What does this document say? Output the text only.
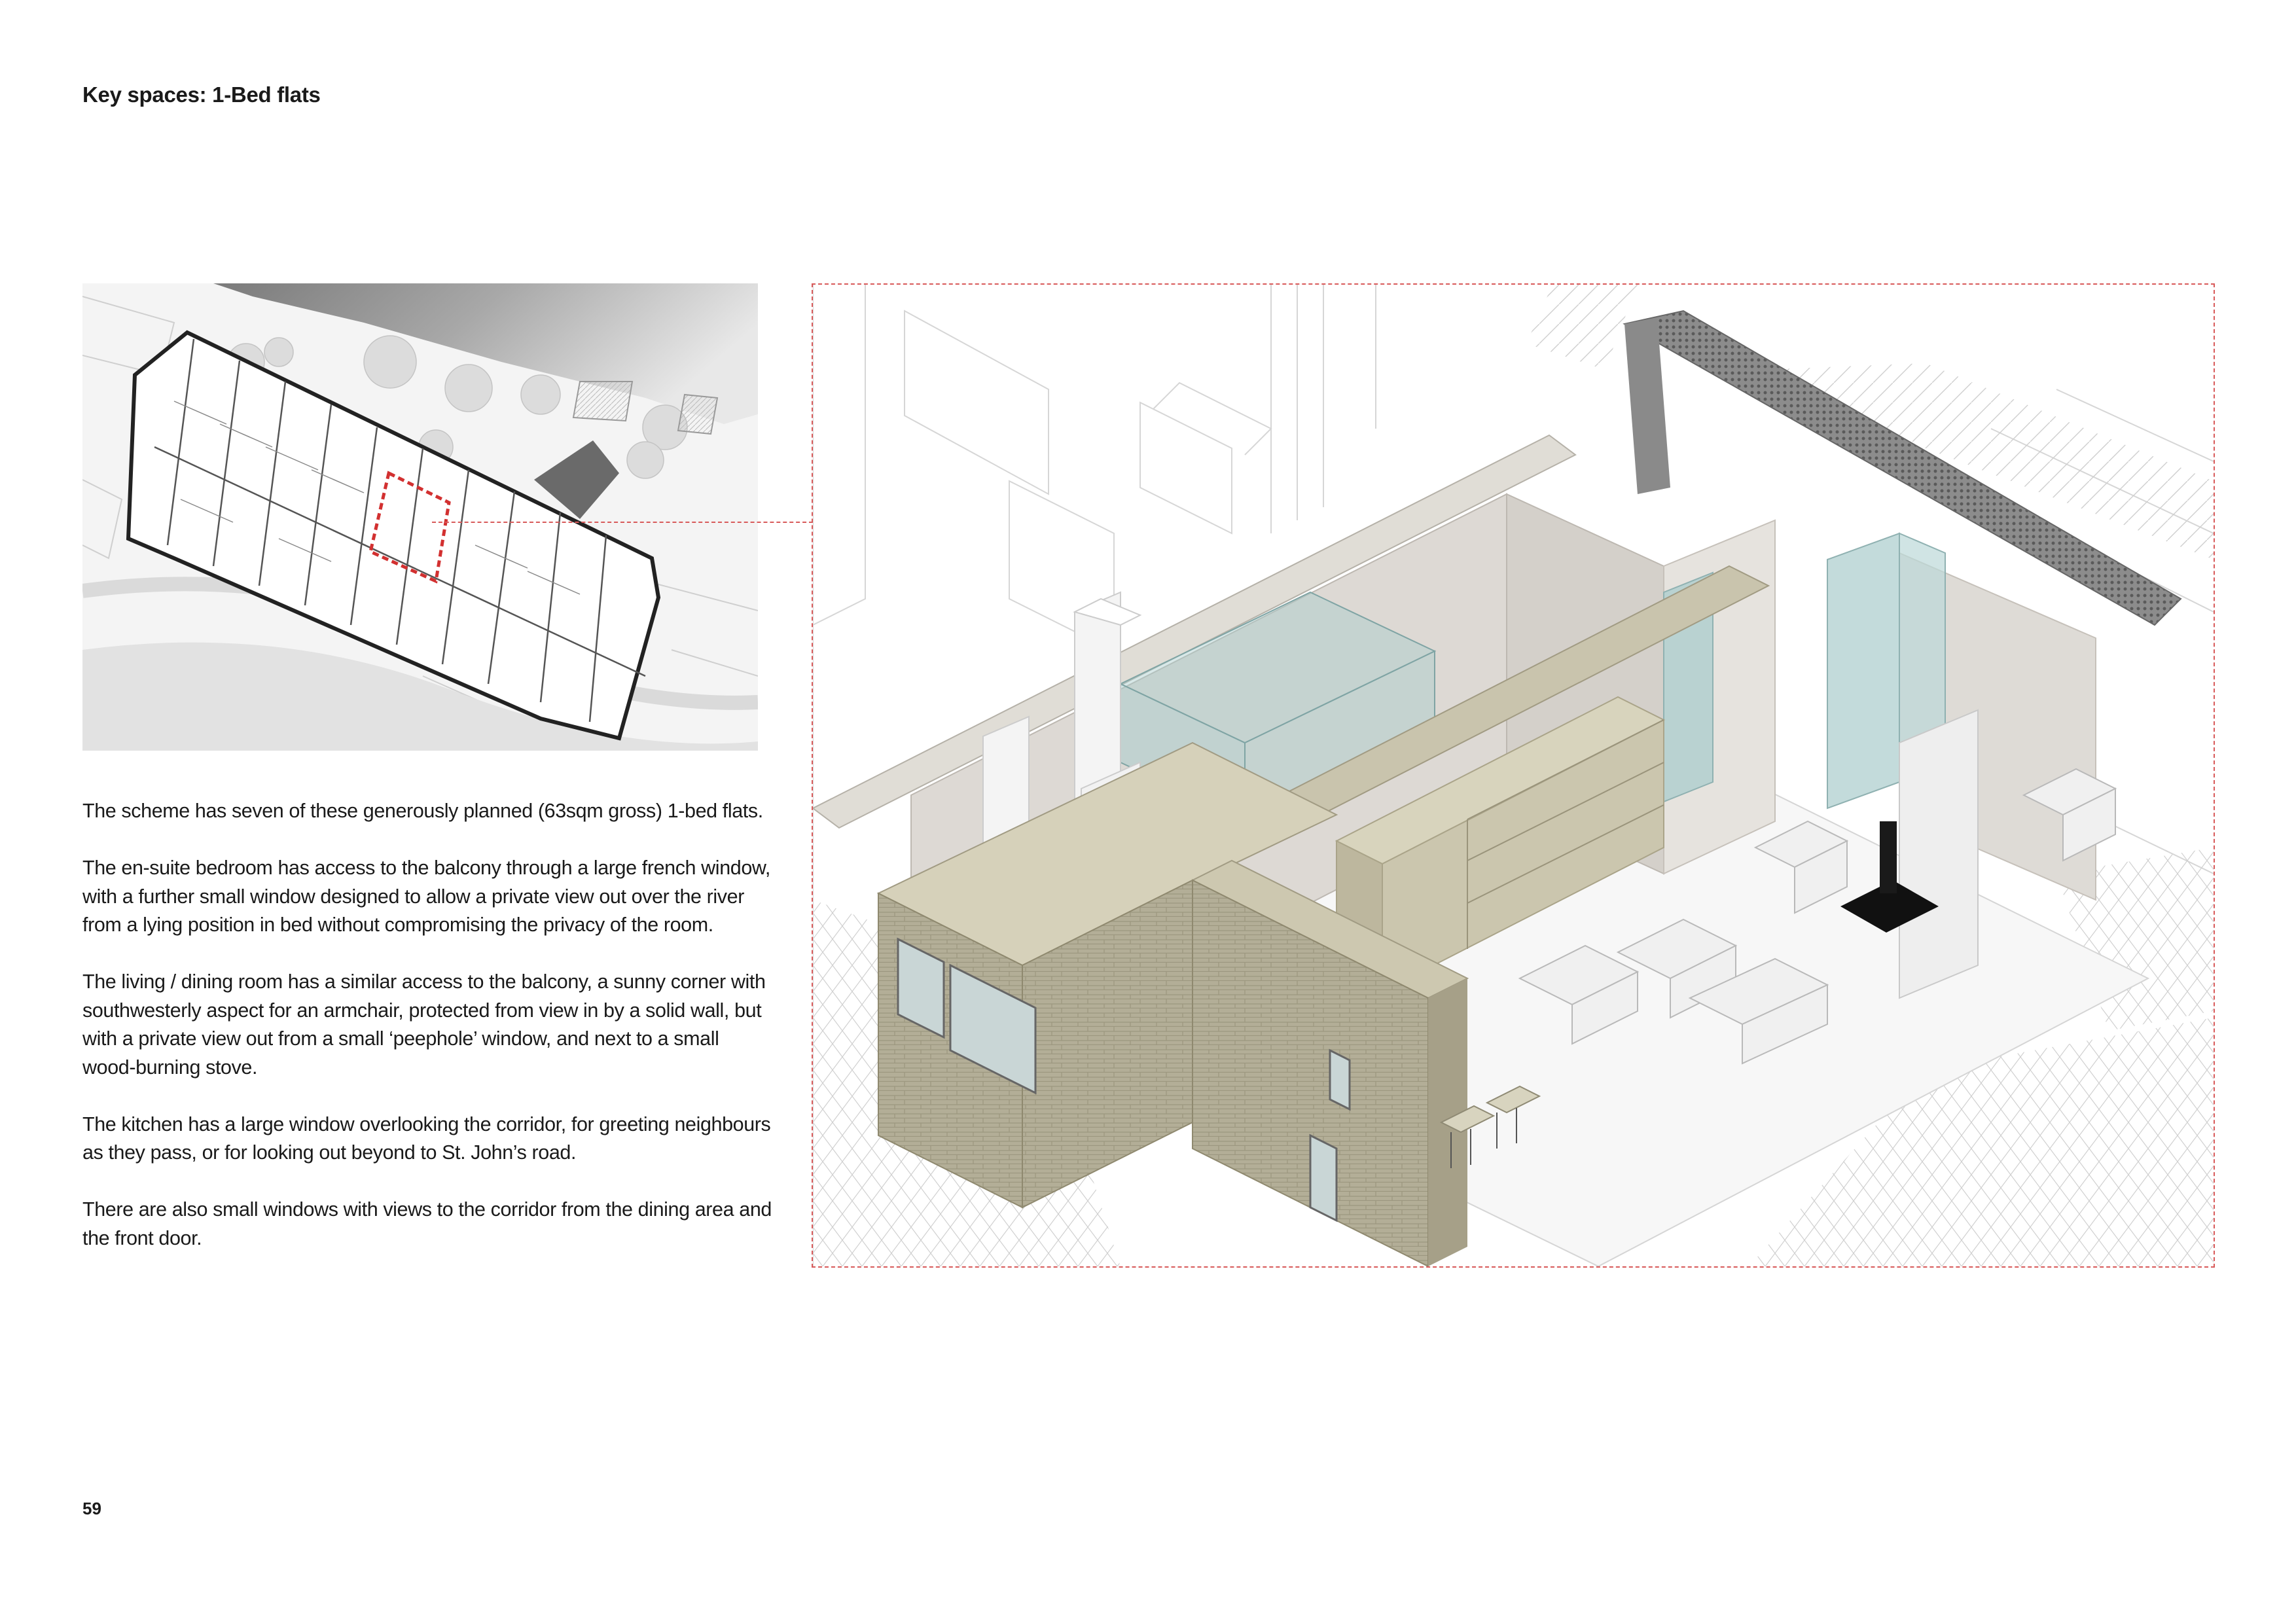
Key spaces: 1-Bed flats

The scheme has seven of these generously planned (63sqm gross) 1-bed flats.

The en-suite bedroom has access to the balcony through a large french window, with a further small window designed to allow a private view out over the river from a lying position in bed without compromising the privacy of the room.

The living / dining room has a similar access to the balcony, a sunny corner with southwesterly aspect for an armchair, protected from view in by a solid wall, but with a private view out from a small ‘peephole’ window, and next to a small wood-burning stove.

The kitchen has a large window overlooking the corridor, for greeting neighbours as they pass, or for looking out beyond to St. John’s road.

There are also small windows with views to the corridor from the dining area and the front door.

59
